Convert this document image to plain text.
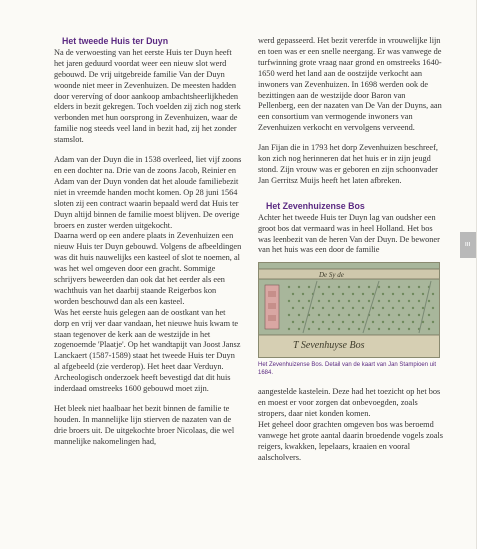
Het tweede Huis ter Duyn

Na de verwoesting van het eerste Huis ter Duyn heeft het jaren geduurd voordat weer een nieuw slot werd gebouwd. De vrij uitgebreide familie Van der Duyn woonde niet meer in Zevenhuizen. De meesten hadden door verervíng of door aankoop ambachtsheerlijkheden elders in bezit gekregen. Toch voelden zij zich nog sterk verbonden met hun oorsprong in Zevenhuizen, waar de familie nog steeds veel land in bezit had, zij het zonder stamslot.

Adam van der Duyn die in 1538 overleed, liet vijf zoons en een dochter na. Drie van de zoons Jacob, Reinier en Adam van der Duyn vonden dat het aloude familiebezit niet in vreemde handen mocht komen. Op 28 juni 1564 sloten zij een contract waarin bepaald werd dat Huis ter Duyn altijd binnen de familie moest blijven. De overige broers en zuster werden uitgekocht.

Daarna werd op een andere plaats in Zevenhuizen een nieuw Huis ter Duyn gebouwd. Volgens de afbeeldingen was dit huis nauwelijks een kasteel of slot te noemen, al was het wel omgeven door een gracht. Sommige schrijvers beweerden dan ook dat het eerder als een wachthuis van het daarbij staande Reigerbos kon worden beschouwd dan als een kasteel.

Was het eerste huis gelegen aan de oostkant van het dorp en vrij ver daar vandaan, het nieuwe huis kwam te staan tegenover de kerk aan de westzijde in het zogenoemde 'Plaatje'. Op het wandtapijt van Joost Jansz Lanckaert (1587-1589) staat het tweede Huis ter Duyn al afgebeeld (zie verderop). Het heet daar Verduyn. Archeologisch onderzoek heeft bevestigd dat dit huis inderdaad omstreeks 1600 gebouwd moet zijn.

Het bleek niet haalbaar het bezit binnen de familie te houden. In mannelijke lijn stierven de nazaten van de drie broers uit. De uitgekochte broer Nicolaas, die wel mannelijke nakomelingen had,

werd gepasseerd. Het bezit vererfde in vrouwelijke lijn en toen was er een snelle neergang. Er was vanwege de turfwinning grote vraag naar grond en omstreeks 1640-1650 werd het land aan de oostzijde verkocht aan inwoners van Zevenhuizen. In 1698 werden ook de bezittingen aan de westzijde door Baron van Pellenberg, een der nazaten van De Van der Duyns, aan een consortium van vermogende inwoners van Zevenhuizen verkocht en vervolgens verveend.

Jan Fijan die in 1793 het dorp Zevenhuizen beschreef, kon zich nog herinneren dat het huis er in zijn jeugd stond. Zijn vrouw was er geboren en zijn schoonvader Jan Gerritsz Muijs heeft het laten afbreken.

Het Zevenhuizense Bos

Achter het tweede Huis ter Duyn lag van oudsher een groot bos dat vermaard was in heel Holland. Het bos was leenbezit van de heren Van der Duyn. De bewoner van het huis was een door de familie

De Sy de
T Sevenhuyse Bos
Het Zevenhuizense Bos. Detail van de kaart van Jan Stampioen uit 1684.

aangestelde kastelein. Deze had het toezicht op het bos en moest er voor zorgen dat onbevoegden, zoals stropers, daar niet konden komen.

Het geheel door grachten omgeven bos was beroemd vanwege het grote aantal daarin broedende vogels zoals reigers, kwakken, lepelaars, kraaien en vooral aalscholvers.

III
